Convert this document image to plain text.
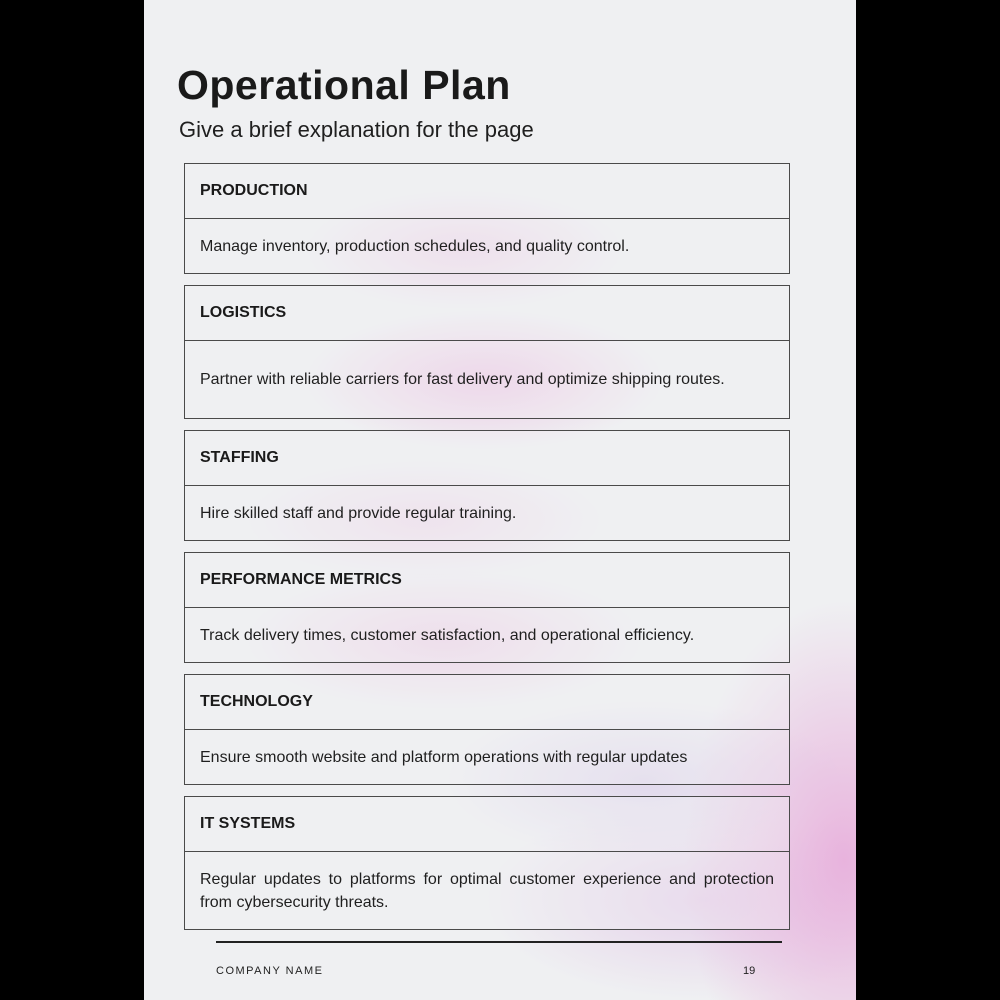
Operational Plan

Give a brief explanation for the page

PRODUCTION
Manage inventory, production schedules, and quality control.
LOGISTICS
Partner with reliable carriers for fast delivery and optimize shipping routes.
STAFFING
Hire skilled staff and provide regular training.
PERFORMANCE METRICS
Track delivery times, customer satisfaction, and operational efficiency.
TECHNOLOGY
Ensure smooth website and platform operations with regular updates
IT SYSTEMS
Regular updates to platforms for optimal customer experience and protection from cybersecurity threats.
COMPANY NAME	19
